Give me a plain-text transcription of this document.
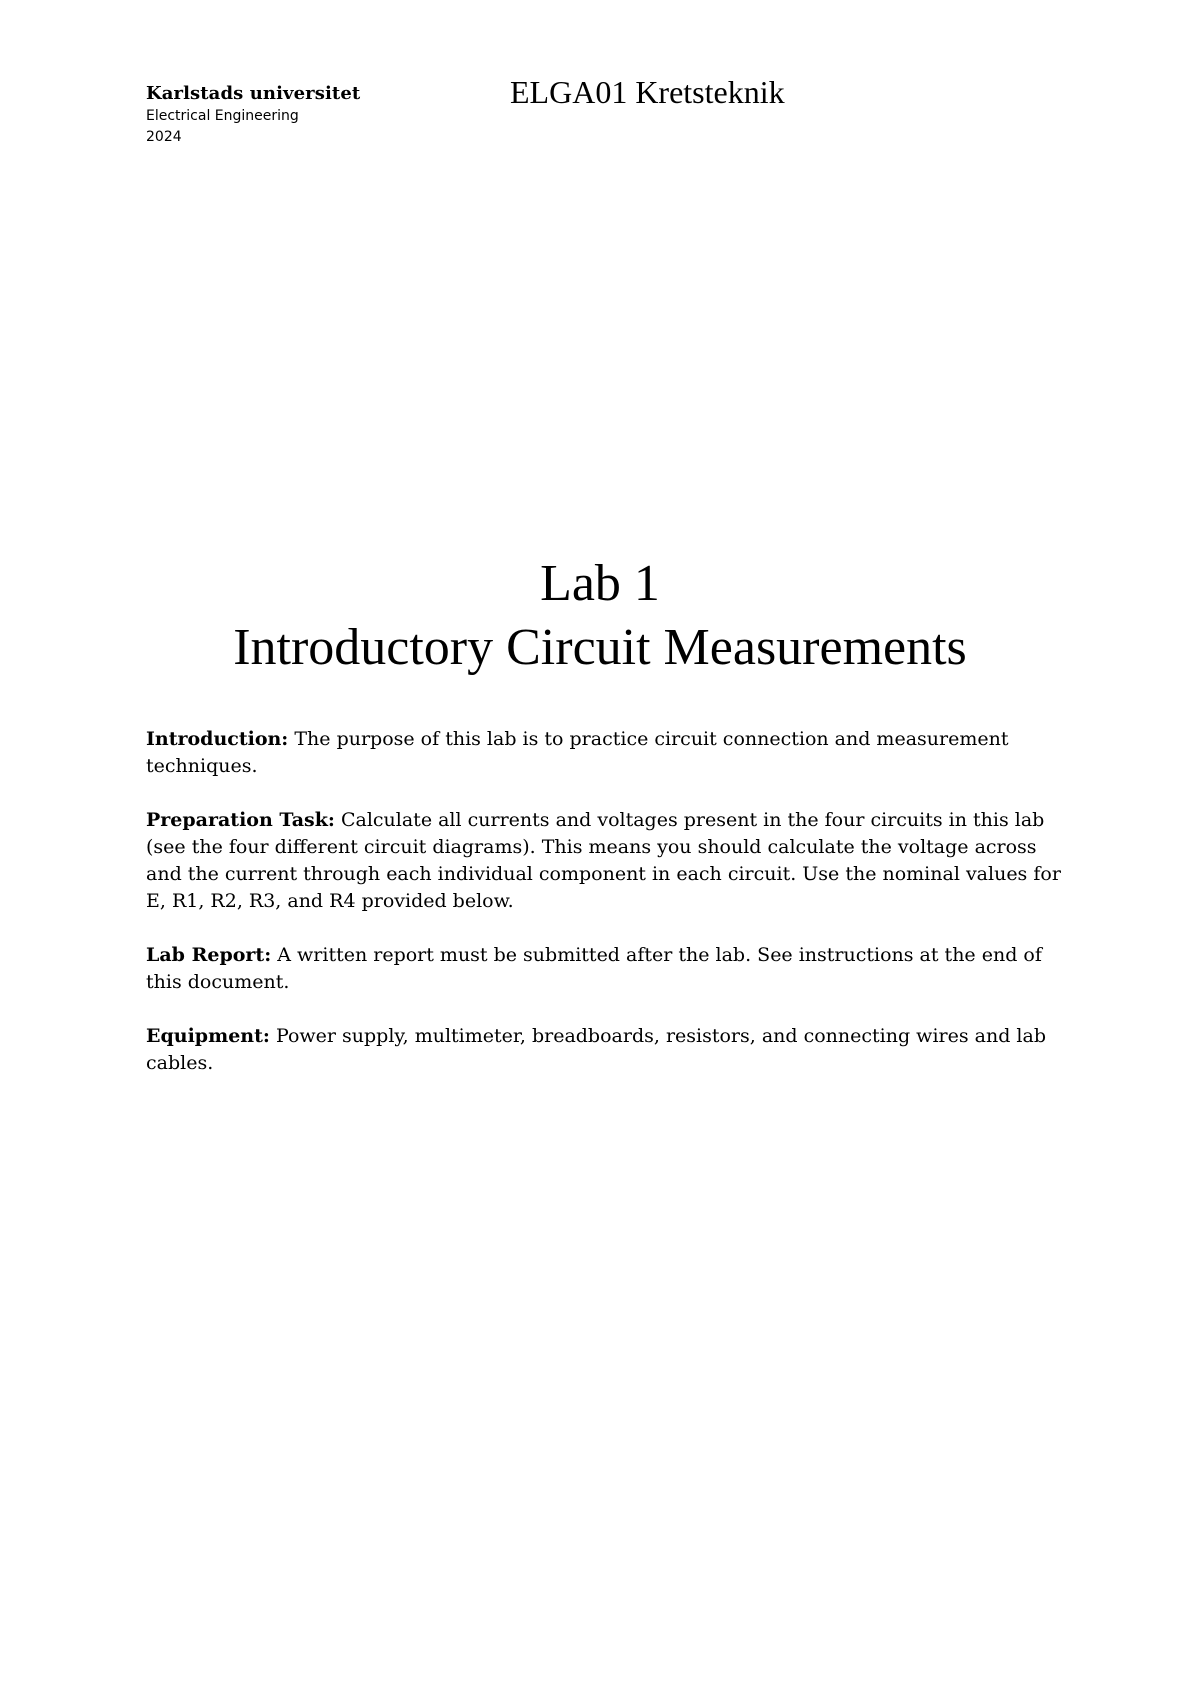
Karlstads universitet
Electrical Engineering
2024
ELGA01 Kretsteknik
Lab 1
Introductory Circuit Measurements

Introduction: The purpose of this lab is to practice circuit connection and measurement techniques.

Preparation Task: Calculate all currents and voltages present in the four circuits in this lab (see the four different circuit diagrams). This means you should calculate the voltage across and the current through each individual component in each circuit. Use the nominal values for E, R1, R2, R3, and R4 provided below.

Lab Report: A written report must be submitted after the lab. See instructions at the end of this document.

Equipment: Power supply, multimeter, breadboards, resistors, and connecting wires and lab cables.
